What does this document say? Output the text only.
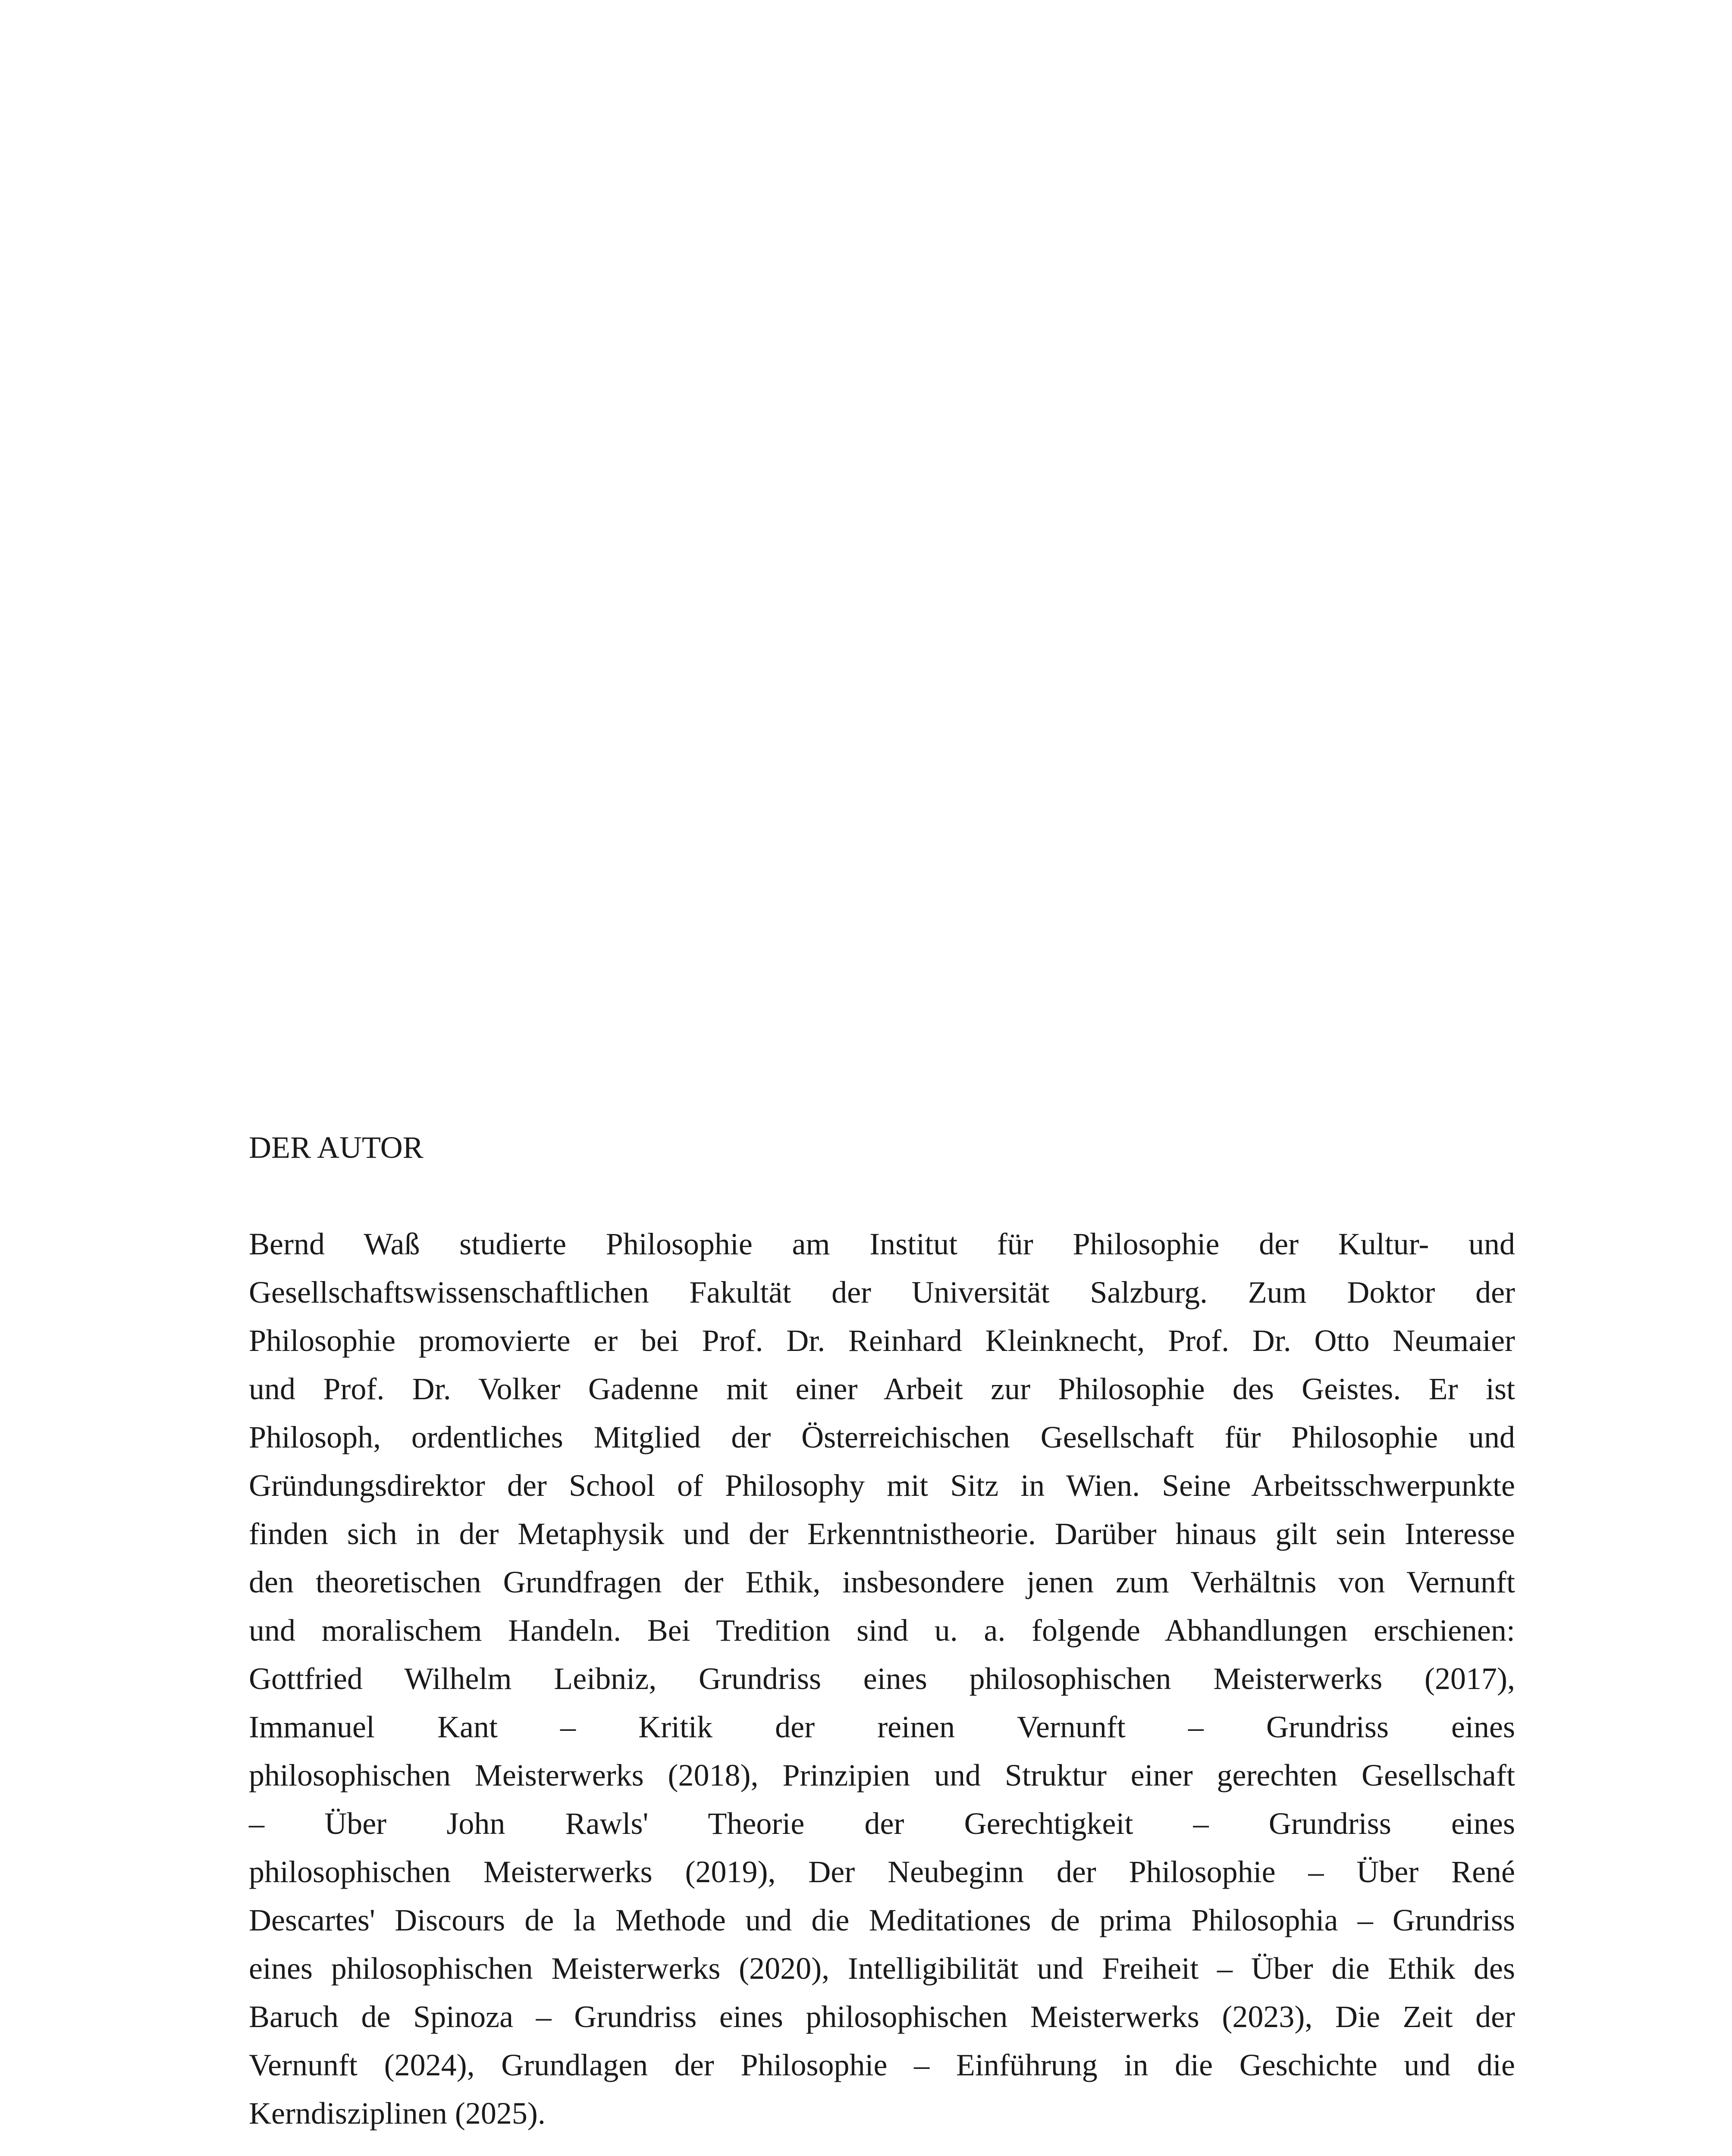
DER AUTOR
Bernd Waß studierte Philosophie am Institut für Philosophie der Kultur- und
Gesellschaftswissenschaftlichen Fakultät der Universität Salzburg. Zum Doktor der
Philosophie promovierte er bei Prof. Dr. Reinhard Kleinknecht, Prof. Dr. Otto Neumaier
und Prof. Dr. Volker Gadenne mit einer Arbeit zur Philosophie des Geistes. Er ist
Philosoph, ordentliches Mitglied der Österreichischen Gesellschaft für Philosophie und
Gründungsdirektor der School of Philosophy mit Sitz in Wien. Seine Arbeitsschwerpunkte
finden sich in der Metaphysik und der Erkenntnistheorie. Darüber hinaus gilt sein Interesse
den theoretischen Grundfragen der Ethik, insbesondere jenen zum Verhältnis von Vernunft
und moralischem Handeln. Bei Tredition sind u. a. folgende Abhandlungen erschienen:
Gottfried Wilhelm Leibniz, Grundriss eines philosophischen Meisterwerks (2017),
Immanuel Kant – Kritik der reinen Vernunft – Grundriss eines
philosophischen Meisterwerks (2018), Prinzipien und Struktur einer gerechten Gesellschaft
– Über John Rawls' Theorie der Gerechtigkeit – Grundriss eines
philosophischen Meisterwerks (2019), Der Neubeginn der Philosophie – Über René
Descartes' Discours de la Methode und die Meditationes de prima Philosophia – Grundriss
eines philosophischen Meisterwerks (2020), Intelligibilität und Freiheit – Über die Ethik des
Baruch de Spinoza – Grundriss eines philosophischen Meisterwerks (2023), Die Zeit der
Vernunft (2024), Grundlagen der Philosophie – Einführung in die Geschichte und die
Kerndisziplinen (2025).
